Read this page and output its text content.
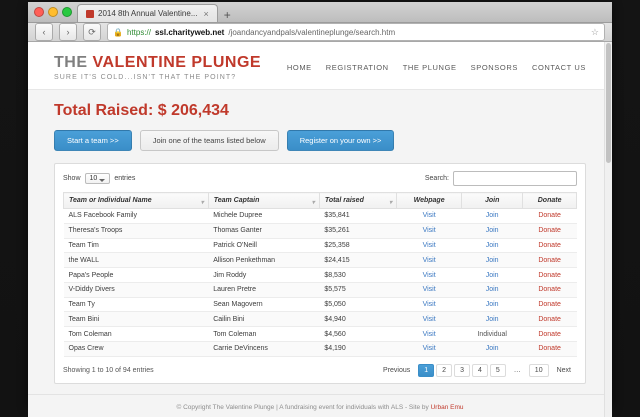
2014 8th Annual Valentine... ×	+
‹	›	⟳	🔒 https:// ssl.charityweb.net /joandancyandpals/valentineplunge/search.htm	☆
THE VALENTINE PLUNGE
SURE IT'S COLD...ISN'T THAT THE POINT?
HOME REGISTRATION THE PLUNGE SPONSORS CONTACT US
Total Raised: $ 206,434
Start a team >>	Join one of the teams listed below	Register on your own >>
Show	10	entries	Search:
Team or Individual Name ▾	Team Captain ▾	Total raised ▾	Webpage	Join	Donate
ALS Facebook Family	Michele Dupree	$35,841	Visit	Join	Donate
Theresa's Troops	Thomas Ganter	$35,261	Visit	Join	Donate
Team Tim	Patrick O'Neill	$25,358	Visit	Join	Donate
the WALL	Allison Penkethman	$24,415	Visit	Join	Donate
Papa's People	Jim Roddy	$8,530	Visit	Join	Donate
V-Diddy Divers	Lauren Pretre	$5,575	Visit	Join	Donate
Team Ty	Sean Magovern	$5,050	Visit	Join	Donate
Team Bini	Cailin Bini	$4,940	Visit	Join	Donate
Tom Coleman	Tom Coleman	$4,560	Visit	Individual	Donate
Opas Crew	Carrie DeVincens	$4,190	Visit	Join	Donate
Showing 1 to 10 of 94 entries	Previous	1	2	3	4	5	…	10	Next
© Copyright The Valentine Plunge | A fundraising event for individuals with ALS - Site by Urban Emu
